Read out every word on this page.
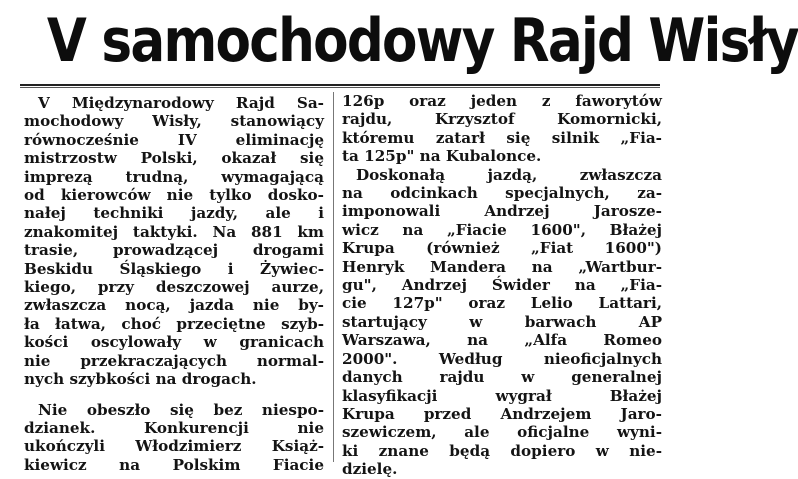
V samochodowy Rajd Wisły
V Międzynarodowy Rajd Sa-
mochodowy Wisły, stanowiący
równocześnie IV eliminację
mistrzostw Polski, okazał się
imprezą trudną, wymagającą
od kierowców nie tylko dosko-
nałej techniki jazdy, ale i
znakomitej taktyki. Na 881 km
trasie, prowadzącej drogami
Beskidu Śląskiego i Żywiec-
kiego, przy deszczowej aurze,
zwłaszcza nocą, jazda nie by-
ła łatwa, choć przeciętne szyb-
kości oscylowały w granicach
nie przekraczających normal-
nych szybkości na drogach.
Nie obeszło się bez niespo-
dzianek. Konkurencji nie
ukończyli Włodzimierz Książ-
kiewicz na Polskim Fiacie
126p oraz jeden z faworytów
rajdu, Krzysztof Komornicki,
któremu zatarł się silnik „Fia-
ta 125p" na Kubalonce.
Doskonałą jazdą, zwłaszcza
na odcinkach specjalnych, za-
imponowali Andrzej Jarosze-
wicz na „Fiacie 1600", Błażej
Krupa (również „Fiat 1600")
Henryk Mandera na „Wartbur-
gu", Andrzej Świder na „Fia-
cie 127p" oraz Lelio Lattari,
startujący w barwach AP
Warszawa, na „Alfa Romeo
2000". Według nieoficjalnych
danych rajdu w generalnej
klasyfikacji wygrał Błażej
Krupa przed Andrzejem Jaro-
szewiczem, ale oficjalne wyni-
ki znane będą dopiero w nie-
dzielę.
